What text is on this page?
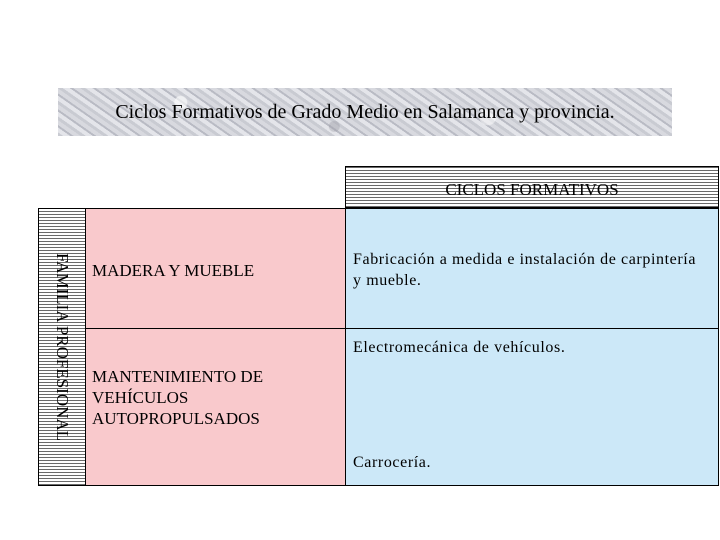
Ciclos Formativos de Grado Medio en Salamanca y provincia.
CICLOS FORMATIVOS
FAMILIA PROFESIONAL MADERA Y MUEBLE
MANTENIMIENTO DE
VEHÍCULOS
AUTOPROPULSADOS
Fabricación a medida e instalación de carpintería y mueble.
Electromecánica de vehículos.
Carrocería.
